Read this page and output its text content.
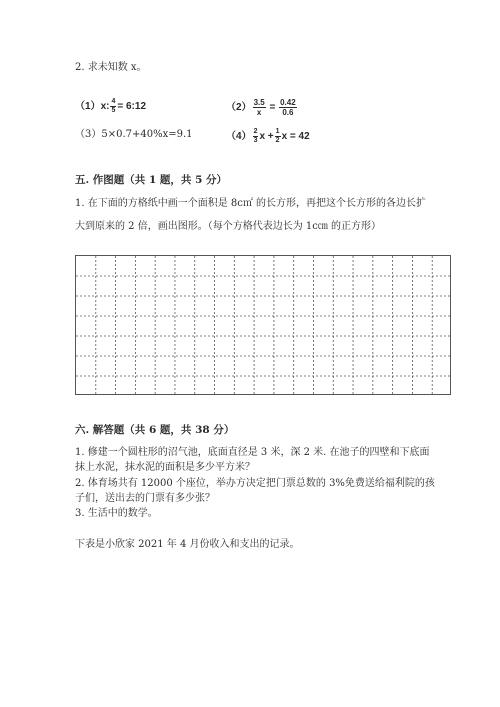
2. 求未知数 x。
（1）x: $\frac{4}{5}$ = 6:12	$(2) \frac{3.5}{x} = \frac{0.42}{0.6}$
（3）5×0.7+40%x=9.1	$(4) \frac{2}{3}$ $x + \frac{1}{2}$ x = 42
五. 作图题（共 1 题，共 5 分）
1. 在下面的方格纸中画一个面积是 8c㎡ 的长方形，再把这个长方形的各边长扩
大到原来的 2 倍，画出图形。（每个方格代表边长为 1c㎝ 的正方形）
六. 解答题（共 6 题，共 38 分）
1. 修建一个圆柱形的沼气池，底面直径是 3 米，深 2 米. 在池子的四壁和下底面
抹上水泥，抹水泥的面积是多少平方米？
2. 体育场共有 12000 个座位，举办方决定把门票总数的 3%免费送给福利院的孩
子们，送出去的门票有多少张？
3. 生活中的数学。
下表是小欣家 2021 年 4 月份收入和支出的记录。
